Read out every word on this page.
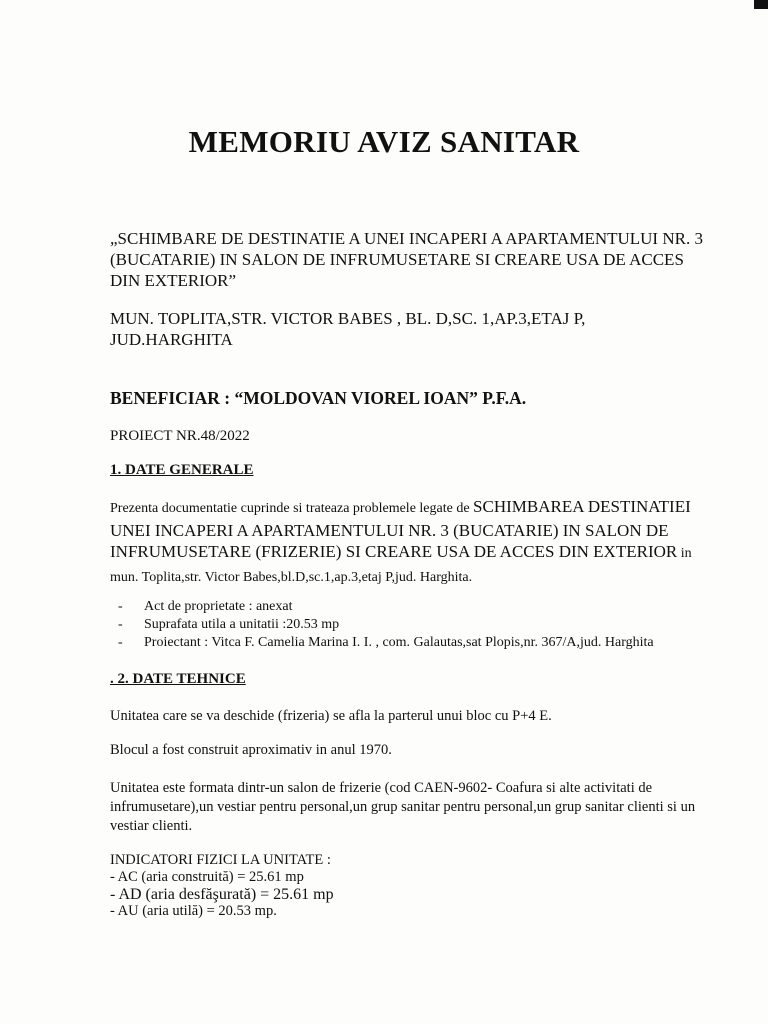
MEMORIU AVIZ SANITAR
„SCHIMBARE DE DESTINATIE A UNEI INCAPERI A APARTAMENTULUI NR. 3 (BUCATARIE) IN SALON DE INFRUMUSETARE SI CREARE USA DE ACCES DIN EXTERIOR”
MUN. TOPLITA,STR. VICTOR BABES , BL. D,SC. 1,AP.3,ETAJ P, JUD.HARGHITA
BENEFICIAR : “MOLDOVAN VIOREL IOAN” P.F.A.
PROIECT NR.48/2022
1. DATE GENERALE
Prezenta documentatie cuprinde si trateaza problemele legate de SCHIMBAREA DESTINATIEI UNEI INCAPERI A APARTAMENTULUI NR. 3 (BUCATARIE) IN SALON DE INFRUMUSETARE (FRIZERIE) SI CREARE USA DE ACCES DIN EXTERIOR in mun. Toplita,str. Victor Babes,bl.D,sc.1,ap.3,etaj P,jud. Harghita.
- Act de proprietate : anexat
- Suprafata utila a unitatii :20.53 mp
- Proiectant : Vitca F. Camelia Marina I. I. , com. Galautas,sat Plopis,nr. 367/A,jud. Harghita
. 2. DATE TEHNICE
Unitatea care se va deschide (frizeria) se afla la parterul unui bloc cu P+4 E.
Blocul a fost construit aproximativ in anul 1970.
Unitatea este formata dintr-un salon de frizerie (cod CAEN-9602- Coafura si alte activitati de infrumusetare),un vestiar pentru personal,un grup sanitar pentru personal,un grup sanitar clienti si un vestiar clienti.
INDICATORI FIZICI LA UNITATE :
- AC (aria construită) = 25.61 mp
- AD (aria desfăşurată) = 25.61 mp
- AU (aria utilă) = 20.53 mp.
